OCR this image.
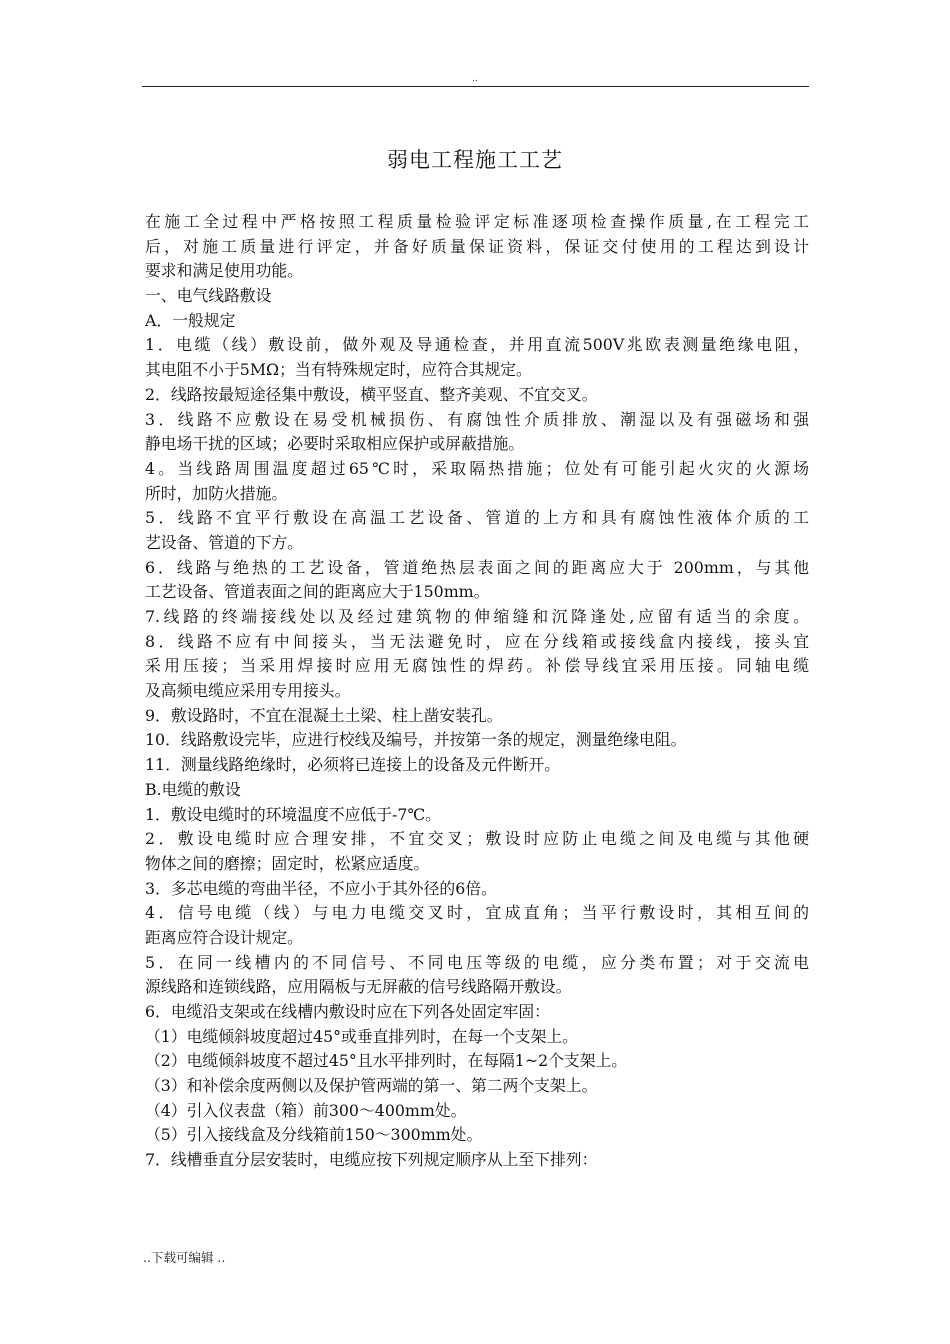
..
弱电工程施工工艺
在施工全过程中严格按照工程质量检验评定标准逐项检查操作质量,在工程完工
后，对施工质量进行评定，并备好质量保证资料，保证交付使用的工程达到设计
要求和满足使用功能。
一、电气线路敷设
A．一般规定
1．电缆（线）敷设前，做外观及导通检查，并用直流500V兆欧表测量绝缘电阻，
其电阻不小于5MΩ；当有特殊规定时，应符合其规定。
2．线路按最短途径集中敷设，横平竖直、整齐美观、不宜交叉。
3．线路不应敷设在易受机械损伤、有腐蚀性介质排放、潮湿以及有强磁场和强
静电场干扰的区域；必要时采取相应保护或屏蔽措施。
4。当线路周围温度超过65℃时，采取隔热措施；位处有可能引起火灾的火源场
所时，加防火措施。
5．线路不宜平行敷设在高温工艺设备、管道的上方和具有腐蚀性液体介质的工
艺设备、管道的下方。
6．线路与绝热的工艺设备，管道绝热层表面之间的距离应大于 200mm，与其他
工艺设备、管道表面之间的距离应大于150mm。
7.线路的终端接线处以及经过建筑物的伸缩缝和沉降逢处,应留有适当的余度。
8．线路不应有中间接头，当无法避免时，应在分线箱或接线盒内接线，接头宜
采用压接；当采用焊接时应用无腐蚀性的焊药。补偿导线宜采用压接。同轴电缆
及高频电缆应采用专用接头。
9．敷设路时，不宜在混凝土土梁、柱上凿安装孔。
10．线路敷设完毕，应进行校线及编号，并按第一条的规定，测量绝缘电阻。
11．测量线路绝缘时，必须将已连接上的设备及元件断开。
B.电缆的敷设
1．敷设电缆时的环境温度不应低于-7℃。
2．敷设电缆时应合理安排，不宜交叉；敷设时应防止电缆之间及电缆与其他硬
物体之间的磨擦；固定时，松紧应适度。
3．多芯电缆的弯曲半径，不应小于其外径的6倍。
4．信号电缆（线）与电力电缆交叉时，宜成直角；当平行敷设时，其相互间的
距离应符合设计规定。
5．在同一线槽内的不同信号、不同电压等级的电缆，应分类布置；对于交流电
源线路和连锁线路，应用隔板与无屏蔽的信号线路隔开敷设。
6．电缆沿支架或在线槽内敷设时应在下列各处固定牢固：
（1）电缆倾斜坡度超过45°或垂直排列时，在每一个支架上。
（2）电缆倾斜坡度不超过45°且水平排列时，在每隔1~2个支架上。
（3）和补偿余度两侧以及保护管两端的第一、第二两个支架上。
（4）引入仪表盘（箱）前300～400mm处。
（5）引入接线盒及分线箱前150～300mm处。
7．线槽垂直分层安装时，电缆应按下列规定顺序从上至下排列：
..下载可编辑 ..
